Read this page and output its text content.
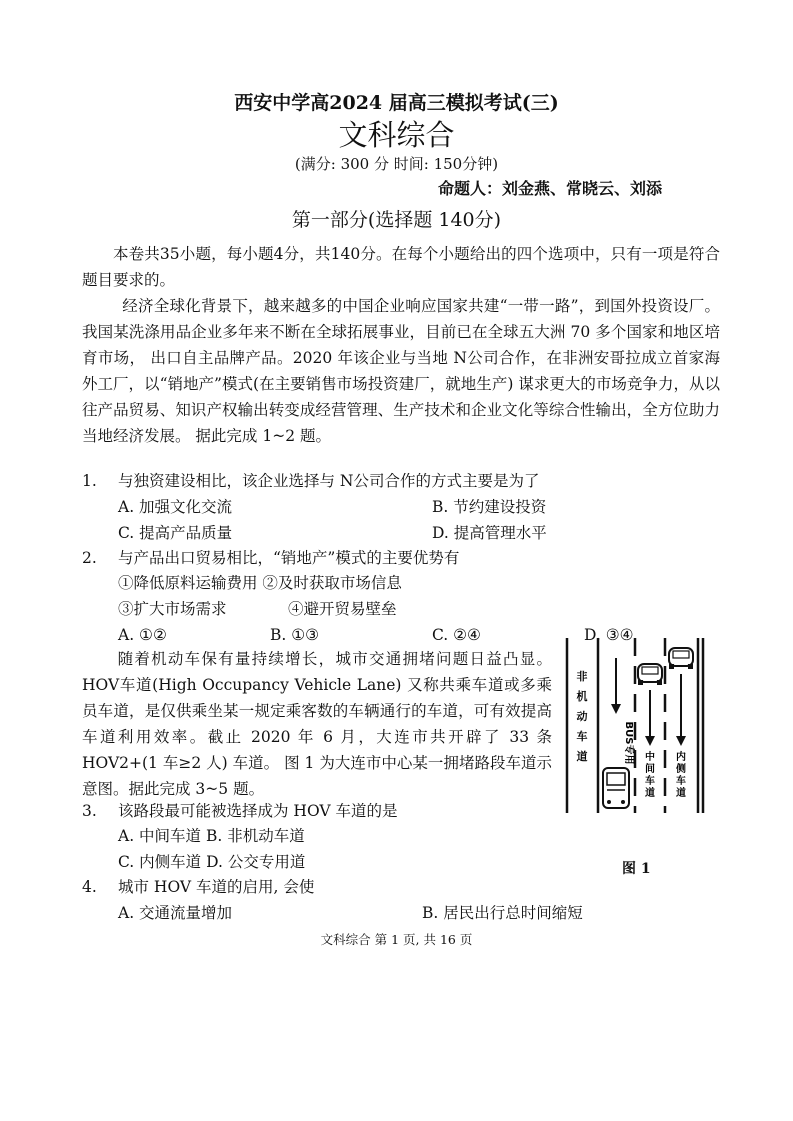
西安中学高2024 届高三模拟考试(三)
文科综合
(满分: 300 分 时间: 150分钟)
命题人：刘金燕、常晓云、刘添
第一部分(选择题 140分)
本卷共35小题，每小题4分，共140分。在每个小题给出的四个选项中，只有一项是符合题目要求的。
经济全球化背景下，越来越多的中国企业响应国家共建“一带一路”，到国外投资设厂。我国某洗涤用品企业多年来不断在全球拓展事业，目前已在全球五大洲 70 多个国家和地区培育市场， 出口自主品牌产品。2020 年该企业与当地 N公司合作，在非洲安哥拉成立首家海外工厂，以“销地产”模式(在主要销售市场投资建厂，就地生产) 谋求更大的市场竞争力，从以往产品贸易、知识产权输出转变成经营管理、生产技术和企业文化等综合性输出，全方位助力当地经济发展。 据此完成 1~2 题。
1. 与独资建设相比，该企业选择与 N公司合作的方式主要是为了
A. 加强文化交流	B. 节约建设投资
C. 提高产品质量	D. 提高管理水平
2. 与产品出口贸易相比，“销地产”模式的主要优势有
①降低原料运输费用 ②及时获取市场信息
③扩大市场需求	④避开贸易壁垒
A. ①②	B. ①③	C. ②④	D. ③④
随着机动车保有量持续增长，城市交通拥堵问题日益凸显。HOV车道(High Occupancy Vehicle Lane) 又称共乘车道或多乘员车道，是仅供乘坐某一规定乘客数的车辆通行的车道，可有效提高车道利用效率。截止 2020 年 6 月，大连市共开辟了 33 条 HOV2+(1 车≥2 人) 车道。 图 1 为大连市中心某一拥堵路段车道示意图。据此完成 3~5 题。
非机动车道	BUS专用 中间车道
内侧车道
图 1
3. 该路段最可能被选择成为 HOV 车道的是
A. 中间车道 B. 非机动车道
C. 内侧车道 D. 公交专用道
4. 城市 HOV 车道的启用, 会使
A. 交通流量增加	B. 居民出行总时间缩短
文科综合 第 1 页, 共 16 页
